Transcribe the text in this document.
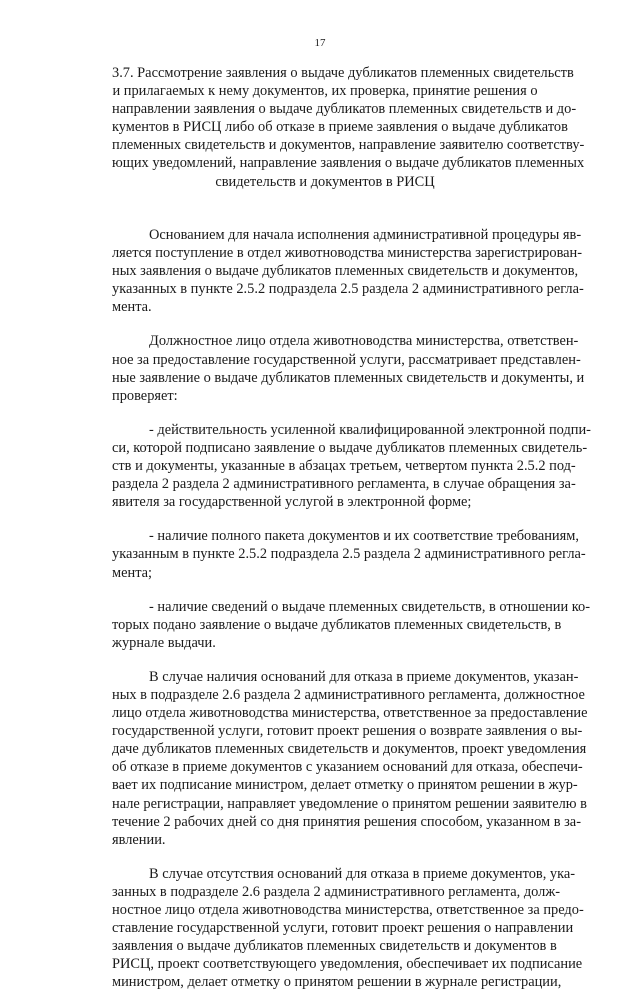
17
3.7. Рассмотрение заявления о выдаче дубликатов племенных свидетельств
и прилагаемых к нему документов, их проверка, принятие решения о
направлении заявления о выдаче дубликатов племенных свидетельств и до-
кументов в РИСЦ либо об отказе в приеме заявления о выдаче дубликатов
племенных свидетельств и документов, направление заявителю соответству-
ющих уведомлений, направление заявления о выдаче дубликатов племенных
свидетельств и документов в РИСЦ
Основанием для начала исполнения административной процедуры яв-
ляется поступление в отдел животноводства министерства зарегистрирован-
ных заявления о выдаче дубликатов племенных свидетельств и документов,
указанных в пункте 2.5.2 подраздела 2.5 раздела 2 административного регла-
мента.
Должностное лицо отдела животноводства министерства, ответствен-
ное за предоставление государственной услуги, рассматривает представлен-
ные заявление о выдаче дубликатов племенных свидетельств и документы, и
проверяет:
- действительность усиленной квалифицированной электронной подпи-
си, которой подписано заявление о выдаче дубликатов племенных свидетель-
ств и документы, указанные в абзацах третьем, четвертом пункта 2.5.2 под-
раздела 2 раздела 2 административного регламента, в случае обращения за-
явителя за государственной услугой в электронной форме;
- наличие полного пакета документов и их соответствие требованиям,
указанным в пункте 2.5.2 подраздела 2.5 раздела 2 административного регла-
мента;
- наличие сведений о выдаче племенных свидетельств, в отношении ко-
торых подано заявление о выдаче дубликатов племенных свидетельств, в
журнале выдачи.
В случае наличия оснований для отказа в приеме документов, указан-
ных в подразделе 2.6 раздела 2 административного регламента, должностное
лицо отдела животноводства министерства, ответственное за предоставление
государственной услуги, готовит проект решения о возврате заявления о вы-
даче дубликатов племенных свидетельств и документов, проект уведомления
об отказе в приеме документов с указанием оснований для отказа, обеспечи-
вает их подписание министром, делает отметку о принятом решении в жур-
нале регистрации, направляет уведомление о принятом решении заявителю в
течение 2 рабочих дней со дня принятия решения способом, указанном в за-
явлении.
В случае отсутствия оснований для отказа в приеме документов, ука-
занных в подразделе 2.6 раздела 2 административного регламента, долж-
ностное лицо отдела животноводства министерства, ответственное за предо-
ставление государственной услуги, готовит проект решения о направлении
заявления о выдаче дубликатов племенных свидетельств и документов в
РИСЦ, проект соответствующего уведомления, обеспечивает их подписание
министром, делает отметку о принятом решении в журнале регистрации,
